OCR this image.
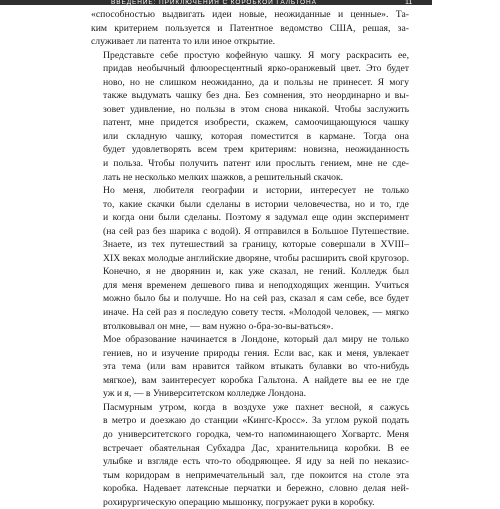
ВВЕДЕНИЕ: ПРИКЛЮЧЕНИЯ С КОРОБКОЙ ГАЛЬТОНА	11

«способностью выдвигать идеи новые, неожиданные и ценные». Та-
ким критерием пользуется и Патентное ведомство США, решая, за-
служивает ли патента то или иное открытие.

Представьте себе простую кофейную чашку. Я могу раскрасить ее,
придав необычный флюоресцентный ярко-оранжевый цвет. Это будет
ново, но не слишком неожиданно, да и пользы не принесет. Я могу
также выдумать чашку без дна. Без сомнения, это неординарно и вы-
зовет удивление, но пользы в этом снова никакой. Чтобы заслужить
патент, мне придется изобрести, скажем, самоочищающуюся чашку
или складную чашку, которая поместится в кармане. Тогда она
будет удовлетворять всем трем критериям: новизна, неожиданность
и польза. Чтобы получить патент или прослыть гением, мне не сде-
лать не несколько мелких шажков, а решительный скачок.

Но меня, любителя географии и истории, интересует не только
то, какие скачки были сделаны в истории человечества, но и то, где
и когда они были сделаны. Поэтому я задумал еще один эксперимент
(на сей раз без шарика с водой). Я отправился в Большое Путешествие.
Знаете, из тех путешествий за границу, которые совершали в XVIII–
XIX веках молодые английские дворяне, чтобы расширить свой кругозор.
Конечно, я не дворянин и, как уже сказал, не гений. Колледж был
для меня временем дешевого пива и неподходящих женщин. Учиться
можно было бы и получше. Но на сей раз, сказал я сам себе, все будет
иначе. На сей раз я последую совету тестя. «Молодой человек, — мягко
втолковывал он мне, — вам нужно о-бра-зо-вы-ваться».

Мое образование начинается в Лондоне, который дал миру не только
гениев, но и изучение природы гения. Если вас, как и меня, увлекает
эта тема (или вам нравится тайком втыкать булавки во что-нибудь
мягкое), вам заинтересует коробка Гальтона. А найдете вы ее не где
уж и я, — в Университетском колледже Лондона.

Пасмурным утром, когда в воздухе уже пахнет весной, я сажусь
в метро и доезжаю до станции «Кингс-Кросс». За углом рукой подать
до университетского городка, чем-то напоминающего Хогвартс. Меня
встречает обаятельная Субхадра Дас, хранительница коробки. В ее
улыбке и взгляде есть что-то ободряющее. Я иду за ней по неказис-
тым коридорам в непримечательный зал, где покоится на столе эта
коробка. Надевает латексные перчатки и бережно, словно делая ней-
рохирургическую операцию мышонку, погружает руки в коробку.
